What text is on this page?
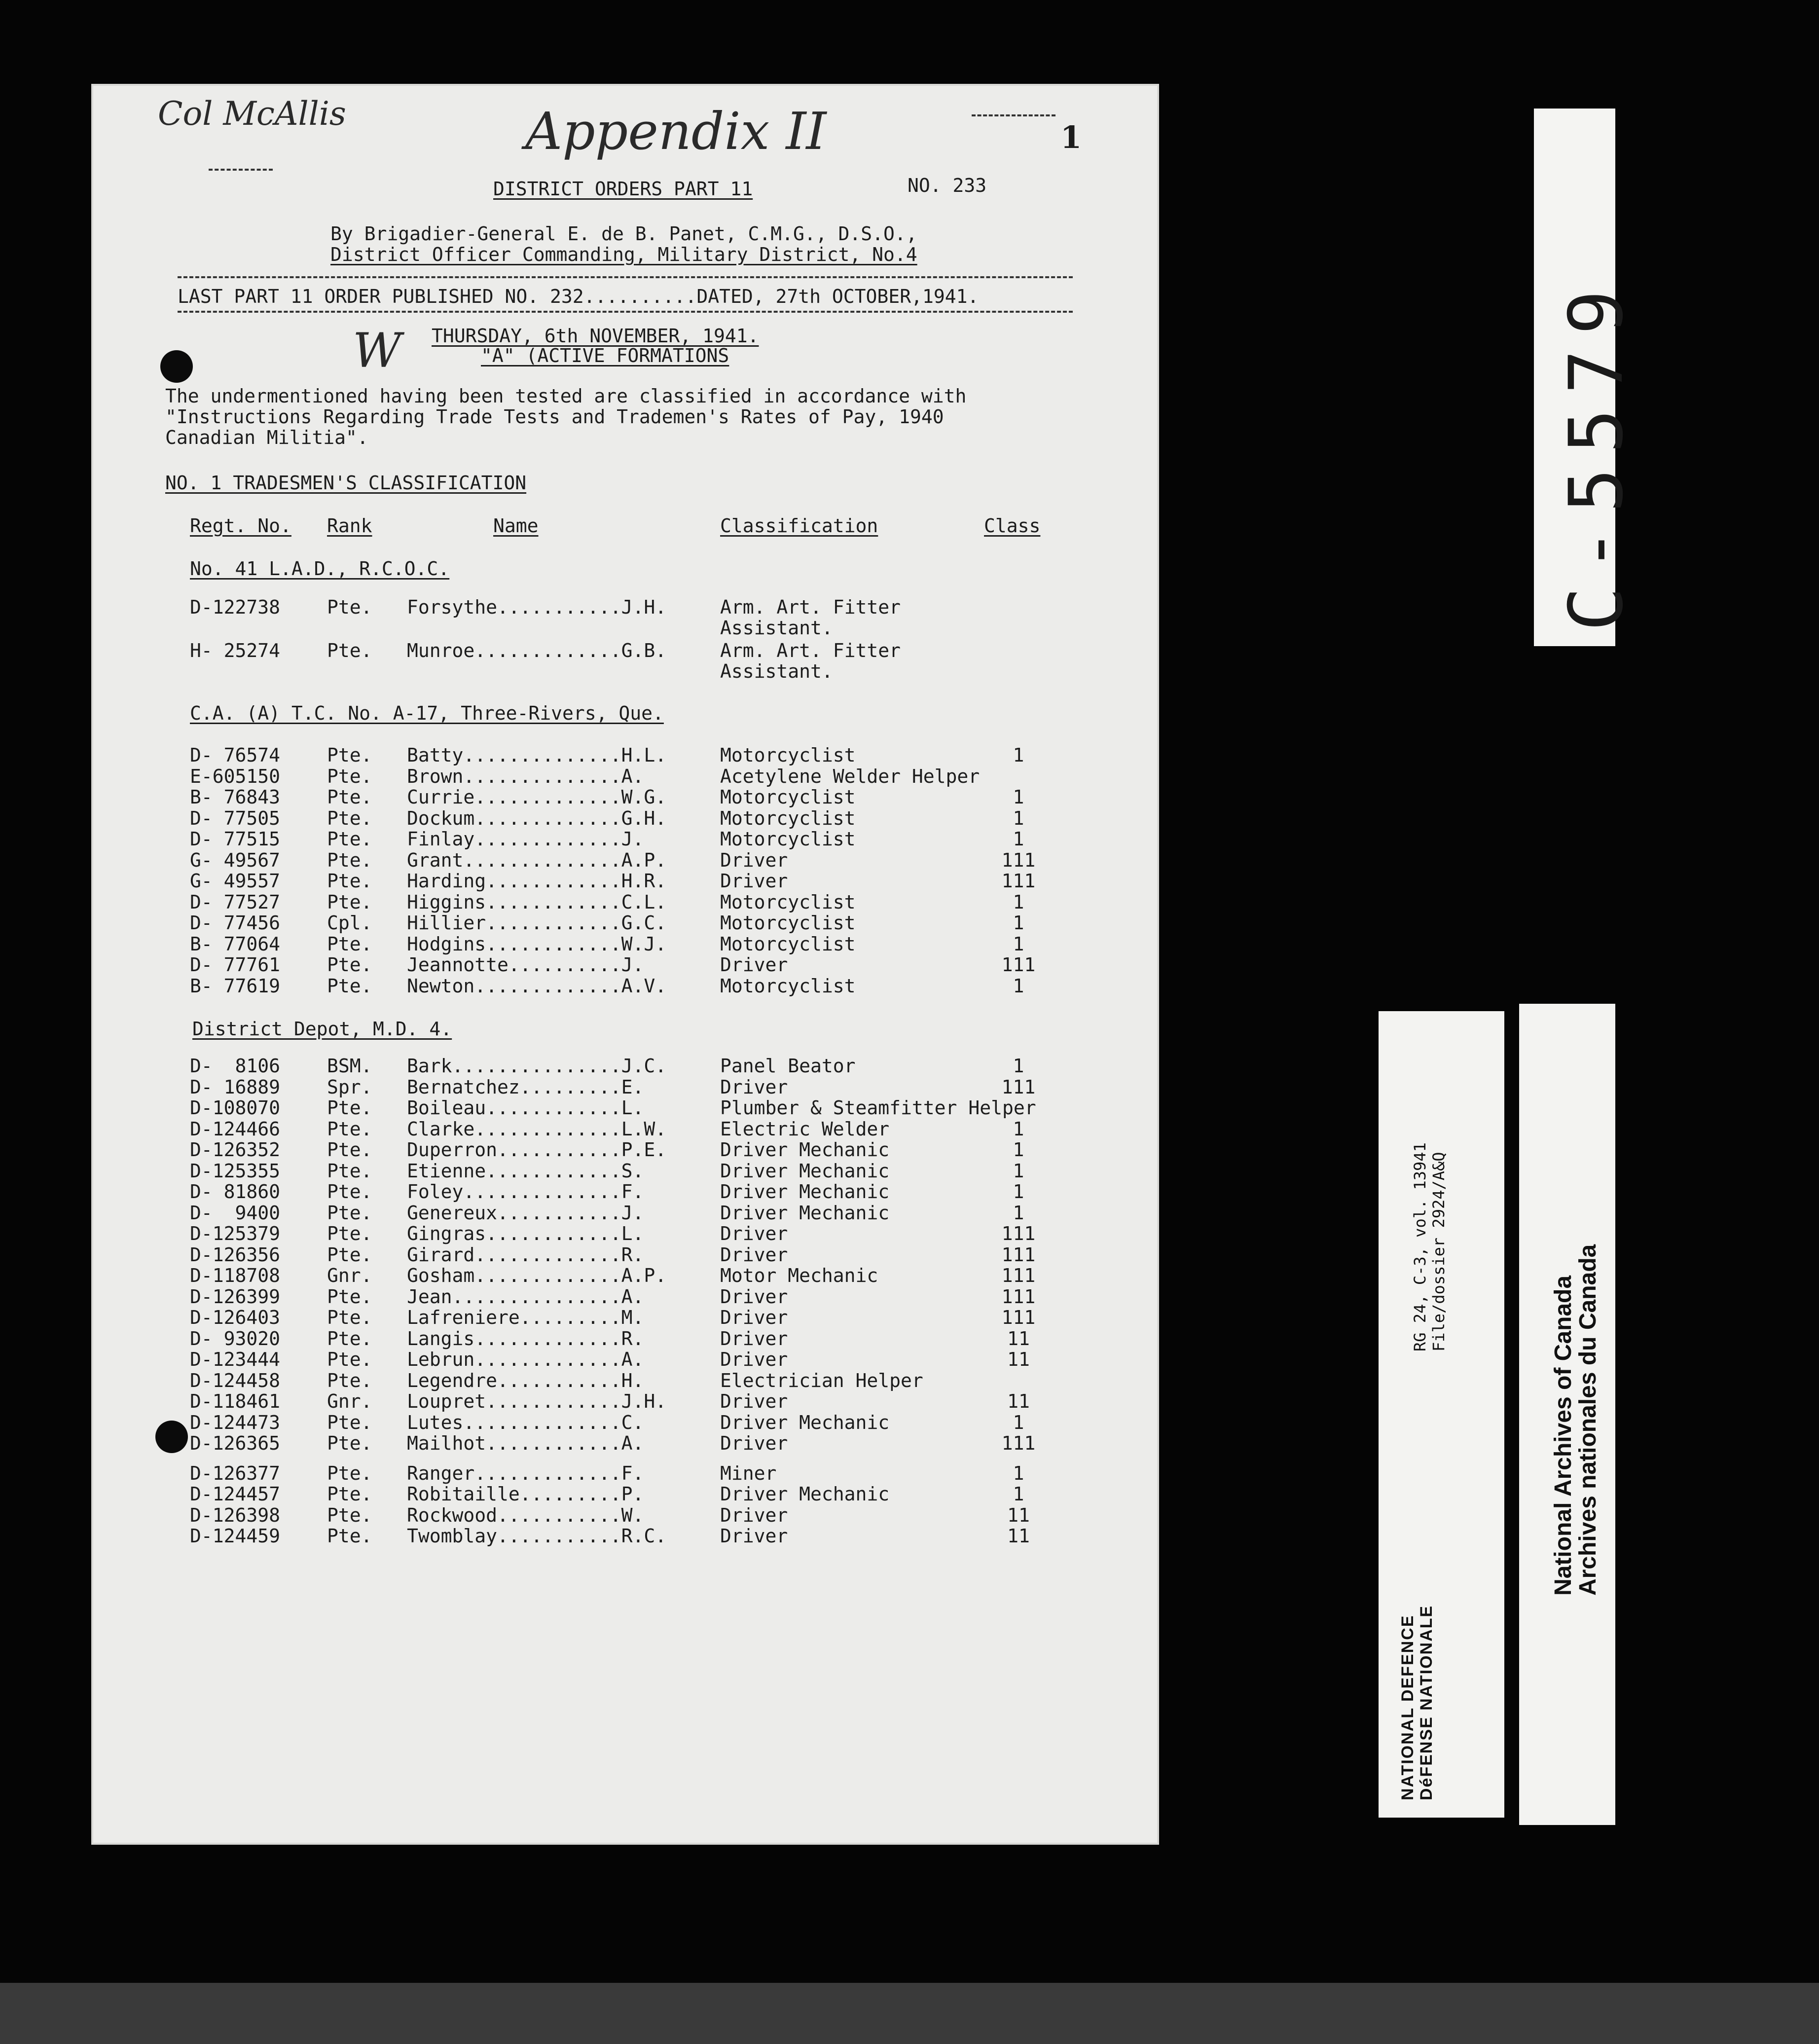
Col McAllis	Appendix II	1
DISTRICT ORDERS PART 11	NO. 233
By Brigadier-General E. de B. Panet, C.M.G., D.S.O.,
District Officer Commanding, Military District, No.4
LAST PART 11 ORDER PUBLISHED NO. 232..........DATED, 27th OCTOBER,1941.
THURSDAY, 6th NOVEMBER, 1941.
"A" (ACTIVE FORMATIONS
W
The undermentioned having been tested are classified in accordance with
"Instructions Regarding Trade Tests and Trademen's Rates of Pay, 1940
Canadian Militia".
NO. 1 TRADESMEN'S CLASSIFICATION
Regt. No. Rank	Name	Classification	Class
No. 41 L.A.D., R.C.O.C.
D-122738 Pte. Forsythe...........J.H.	Arm. Art. Fitter
Assistant.
H- 25274 Pte. Munroe.............G.B.	Arm. Art. Fitter
Assistant.
C.A. (A) T.C. No. A-17, Three-Rivers, Que.
D- 76574 Pte. Batty..............H.L.	Motorcyclist	1
E-605150 Pte. Brown..............A.	Acetylene Welder Helper
B- 76843 Pte. Currie.............W.G.	Motorcyclist	1
D- 77505 Pte. Dockum.............G.H.	Motorcyclist	1
D- 77515 Pte. Finlay.............J.	Motorcyclist	1
G- 49567 Pte. Grant..............A.P.	Driver	111
G- 49557 Pte. Harding............H.R.	Driver	111
D- 77527 Pte. Higgins............C.L.	Motorcyclist	1
D- 77456 Cpl. Hillier............G.C.	Motorcyclist	1
B- 77064 Pte. Hodgins............W.J.	Motorcyclist	1
D- 77761 Pte. Jeannotte..........J.	Driver	111
B- 77619 Pte. Newton.............A.V.	Motorcyclist	1
District Depot, M.D. 4.
D-  8106 BSM. Bark...............J.C.	Panel Beator	1
D- 16889 Spr. Bernatchez.........E.	Driver	111
D-108070 Pte. Boileau............L.	Plumber & Steamfitter Helper
D-124466 Pte. Clarke.............L.W.	Electric Welder	1
D-126352 Pte. Duperron...........P.E.	Driver Mechanic	1
D-125355 Pte. Etienne............S.	Driver Mechanic	1
D- 81860 Pte. Foley..............F.	Driver Mechanic	1
D-  9400 Pte. Genereux...........J.	Driver Mechanic	1
D-125379 Pte. Gingras............L.	Driver	111
D-126356 Pte. Girard.............R.	Driver	111
D-118708 Gnr. Gosham.............A.P.	Motor Mechanic	111
D-126399 Pte. Jean...............A.	Driver	111
D-126403 Pte. Lafreniere.........M.	Driver	111
D- 93020 Pte. Langis.............R.	Driver	11
D-123444 Pte. Lebrun.............A.	Driver	11
D-124458 Pte. Legendre...........H.	Electrician Helper
D-118461 Gnr. Loupret............J.H.	Driver	11
D-124473 Pte. Lutes..............C.	Driver Mechanic	1
D-126365 Pte. Mailhot............A.	Driver	111
D-126377 Pte. Ranger.............F.	Miner	1
D-124457 Pte. Robitaille.........P.	Driver Mechanic	1
D-126398 Pte. Rockwood...........W.	Driver	11
D-124459 Pte. Twomblay...........R.C.	Driver	11
C-5579
NATIONAL DEFENCE DéFENSE NATIONALE
RG 24, C-3, vol. 13941 File/dossier 2924/A&Q
National Archives of Canada
Archives nationales du Canada
